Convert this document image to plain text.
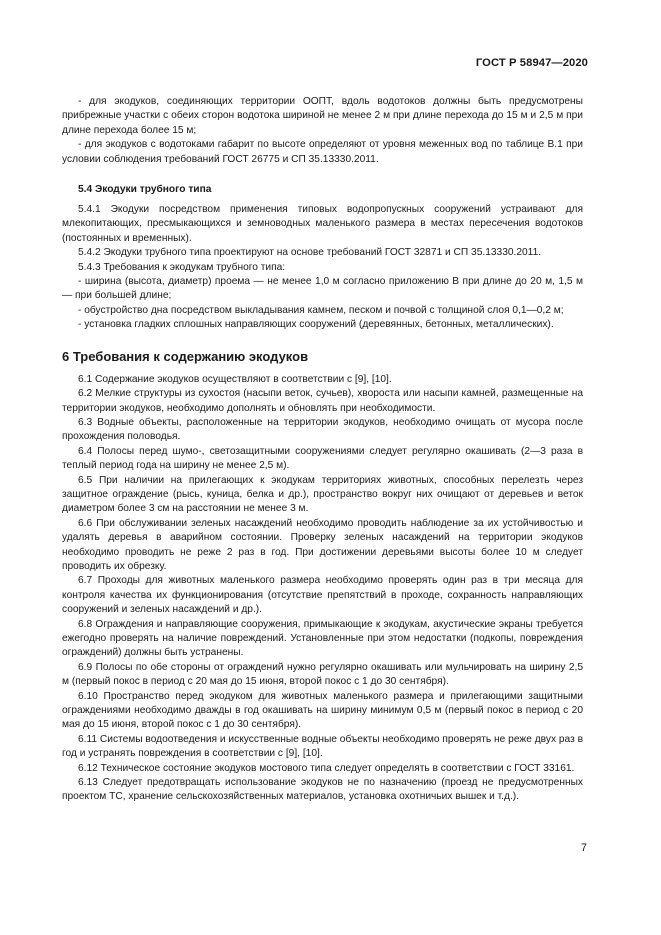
ГОСТ Р 58947—2020

- для экодуков, соединяющих территории ООПТ, вдоль водотоков должны быть предусмотрены прибрежные участки с обеих сторон водотока шириной не менее 2 м при длине перехода до 15 м и 2,5 м при длине перехода более 15 м;

- для экодуков с водотоками габарит по высоте определяют от уровня меженных вод по таблице В.1 при условии соблюдения требований ГОСТ 26775 и СП 35.13330.2011.

5.4 Экодуки трубного типа

5.4.1 Экодуки посредством применения типовых водопропускных сооружений устраивают для млекопитающих, пресмыкающихся и земноводных маленького размера в местах пересечения водотоков (постоянных и временных).

5.4.2 Экодуки трубного типа проектируют на основе требований ГОСТ 32871 и СП 35.13330.2011.

5.4.3 Требования к экодукам трубного типа:

- ширина (высота, диаметр) проема — не менее 1,0 м согласно приложению В при длине до 20 м, 1,5 м — при большей длине;

- обустройство дна посредством выкладывания камнем, песком и почвой с толщиной слоя 0,1—0,2 м;

- установка гладких сплошных направляющих сооружений (деревянных, бетонных, металлических).

6 Требования к содержанию экодуков

6.1 Содержание экодуков осуществляют в соответствии с [9], [10].

6.2 Мелкие структуры из сухостоя (насыпи веток, сучьев), хвороста или насыпи камней, размещенные на территории экодуков, необходимо дополнять и обновлять при необходимости.

6.3 Водные объекты, расположенные на территории экодуков, необходимо очищать от мусора после прохождения половодья.

6.4 Полосы перед шумо-, светозащитными сооружениями следует регулярно окашивать (2—3 раза в теплый период года на ширину не менее 2,5 м).

6.5 При наличии на прилегающих к экодукам территориях животных, способных перелезть через защитное ограждение (рысь, куница, белка и др.), пространство вокруг них очищают от деревьев и веток диаметром более 3 см на расстоянии не менее 3 м.

6.6 При обслуживании зеленых насаждений необходимо проводить наблюдение за их устойчивостью и удалять деревья в аварийном состоянии. Проверку зеленых насаждений на территории экодуков необходимо проводить не реже 2 раз в год. При достижении деревьями высоты более 10 м следует проводить их обрезку.

6.7 Проходы для животных маленького размера необходимо проверять один раз в три месяца для контроля качества их функционирования (отсутствие препятствий в проходе, сохранность направляющих сооружений и зеленых насаждений и др.).

6.8 Ограждения и направляющие сооружения, примыкающие к экодукам, акустические экраны требуется ежегодно проверять на наличие повреждений. Установленные при этом недостатки (подкопы, повреждения ограждений) должны быть устранены.

6.9 Полосы по обе стороны от ограждений нужно регулярно окашивать или мульчировать на ширину 2,5 м (первый покос в период с 20 мая до 15 июня, второй покос с 1 до 30 сентября).

6.10 Пространство перед экодуком для животных маленького размера и прилегающими защитными ограждениями необходимо дважды в год окашивать на ширину минимум 0,5 м (первый покос в период с 20 мая до 15 июня, второй покос с 1 до 30 сентября).

6.11 Системы водоотведения и искусственные водные объекты необходимо проверять не реже двух раз в год и устранять повреждения в соответствии с [9], [10].

6.12 Техническое состояние экодуков мостового типа следует определять в соответствии с ГОСТ 33161.

6.13 Следует предотвращать использование экодуков не по назначению (проезд не предусмотренных проектом ТС, хранение сельскохозяйственных материалов, установка охотничьих вышек и т.д.).

7
